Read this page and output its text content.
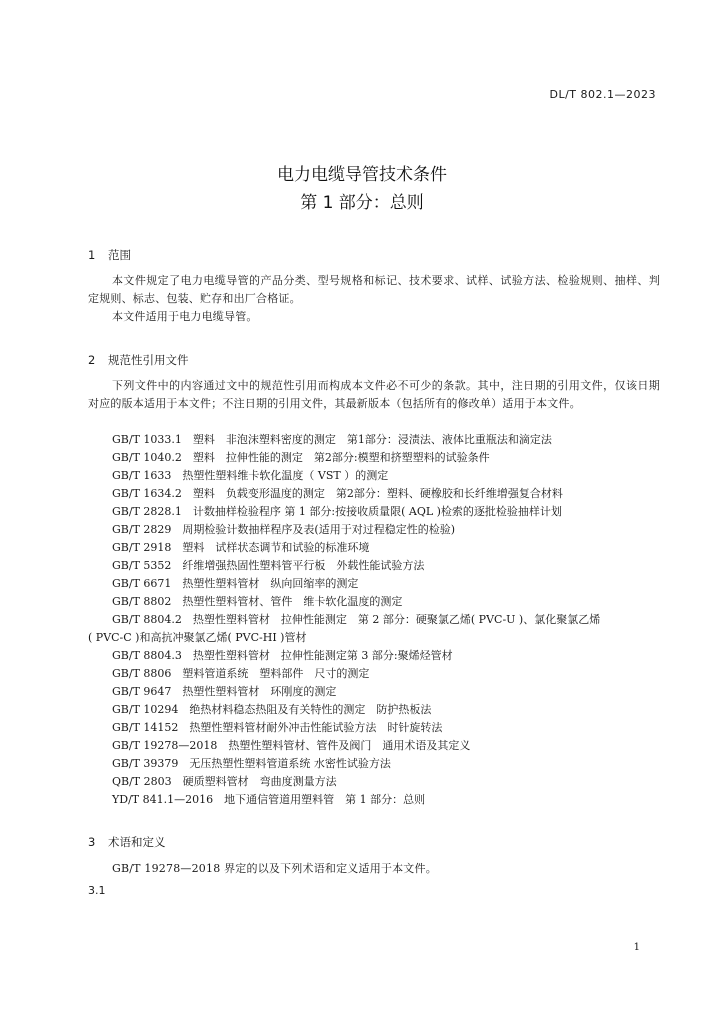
DL/T 802.1—2023
电力电缆导管技术条件
第 1 部分：总则
1 范围
本文件规定了电力电缆导管的产品分类、型号规格和标记、技术要求、试样、试验方法、检验规则、抽样、判定规则、标志、包装、贮存和出厂合格证。
本文件适用于电力电缆导管。
2 规范性引用文件
下列文件中的内容通过文中的规范性引用而构成本文件必不可少的条款。其中，注日期的引用文件，仅该日期对应的版本适用于本文件；不注日期的引用文件，其最新版本（包括所有的修改单）适用于本文件。
GB/T 1033.1　塑料　非泡沫塑料密度的测定　第1部分：浸渍法、液体比重瓶法和滴定法
GB/T 1040.2　塑料　拉伸性能的测定　第2部分:模塑和挤塑塑料的试验条件
GB/T 1633　热塑性塑料维卡软化温度（ VST ）的测定
GB/T 1634.2　塑料　负载变形温度的测定　第2部分：塑料、硬橡胶和长纤维增强复合材料
GB/T 2828.1　计数抽样检验程序 第 1 部分:按接收质量限( AQL )检索的逐批检验抽样计划
GB/T 2829　周期检验计数抽样程序及表(适用于对过程稳定性的检验)
GB/T 2918　塑料　试样状态调节和试验的标准环境
GB/T 5352　纤维增强热固性塑料管平行板　外载性能试验方法
GB/T 6671　热塑性塑料管材　纵向回缩率的测定
GB/T 8802　热塑性塑料管材、管件　维卡软化温度的测定
GB/T 8804.2　热塑性塑料管材　拉伸性能测定　第 2 部分：硬聚氯乙烯( PVC-U )、氯化聚氯乙烯
( PVC-C )和高抗冲聚氯乙烯( PVC-HI )管材
GB/T 8804.3　热塑性塑料管材　拉伸性能测定第 3 部分:聚烯烃管材
GB/T 8806　塑料管道系统　塑料部件　尺寸的测定
GB/T 9647　热塑性塑料管材　环刚度的测定
GB/T 10294　绝热材料稳态热阻及有关特性的测定　防护热板法
GB/T 14152　热塑性塑料管材耐外冲击性能试验方法　时针旋转法
GB/T 19278—2018　热塑性塑料管材、管件及阀门　通用术语及其定义
GB/T 39379　无压热塑性塑料管道系统 水密性试验方法
QB/T 2803　硬质塑料管材　弯曲度测量方法
YD/T 841.1—2016　地下通信管道用塑料管　第 1 部分：总则
3 术语和定义
GB/T 19278—2018 界定的以及下列术语和定义适用于本文件。
3.1
1
